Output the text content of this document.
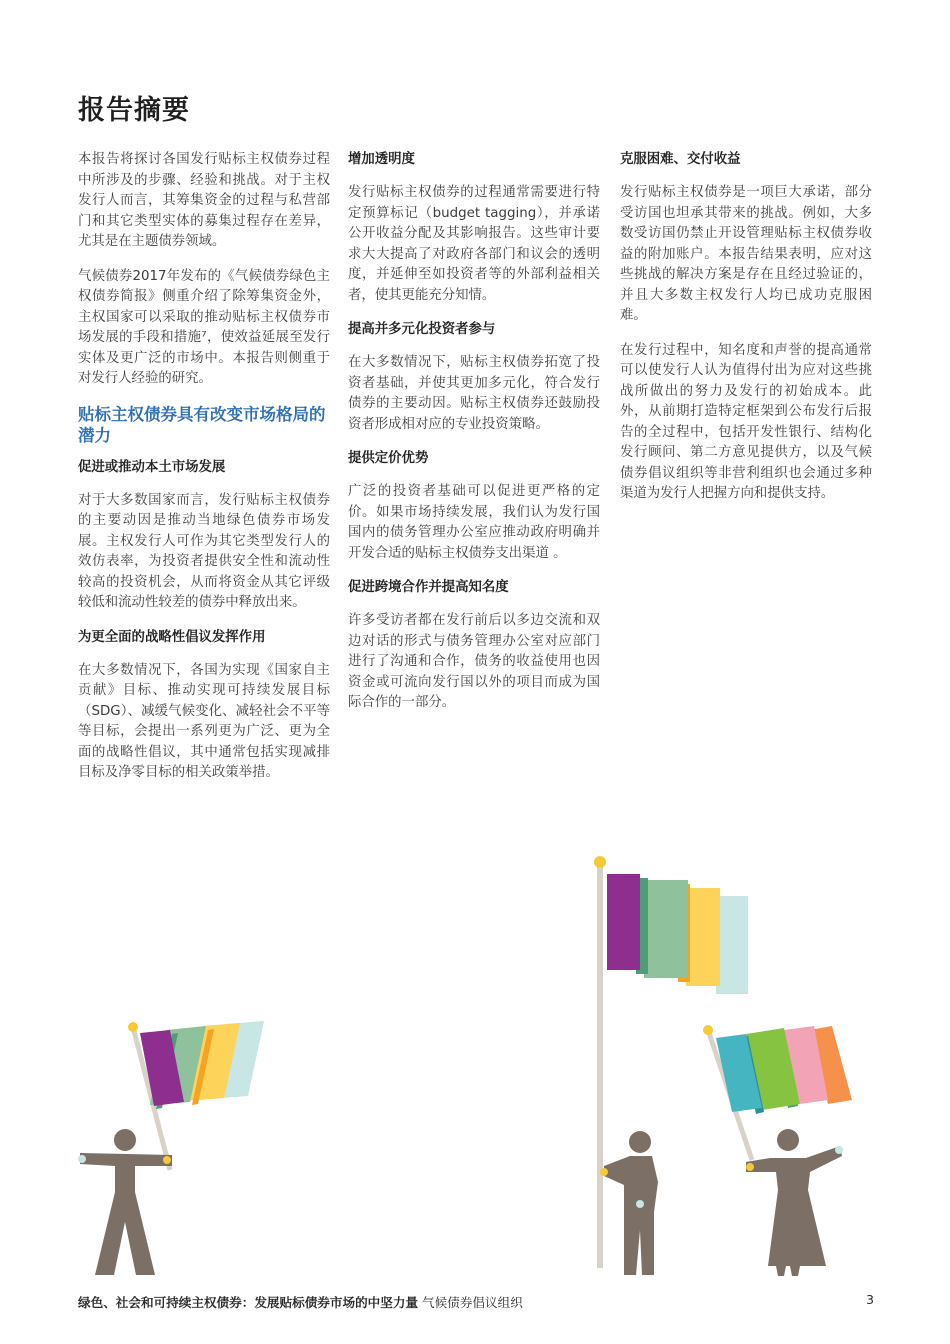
报告摘要

本报告将探讨各国发行贴标主权债券过程中所涉及的步骤、经验和挑战。对于主权发行人而言，其筹集资金的过程与私营部门和其它类型实体的募集过程存在差异，尤其是在主题债券领域。

气候债券2017年发布的《气候债券绿色主权债券简报》侧重介绍了除筹集资金外，主权国家可以采取的推动贴标主权债券市场发展的手段和措施⁷，使效益延展至发行实体及更广泛的市场中。本报告则侧重于对发行人经验的研究。

贴标主权债券具有改变市场格局的潜力
促进或推动本土市场发展

对于大多数国家而言，发行贴标主权债券的主要动因是推动当地绿色债券市场发展。主权发行人可作为其它类型发行人的效仿表率，为投资者提供安全性和流动性较高的投资机会，从而将资金从其它评级较低和流动性较差的债券中释放出来。

为更全面的战略性倡议发挥作用

在大多数情况下，各国为实现《国家自主贡献》目标、推动实现可持续发展目标（SDG）、减缓气候变化、减轻社会不平等等目标，会提出一系列更为广泛、更为全面的战略性倡议，其中通常包括实现减排目标及净零目标的相关政策举措。

增加透明度

发行贴标主权债券的过程通常需要进行特定预算标记（budget tagging），并承诺公开收益分配及其影响报告。这些审计要求大大提高了对政府各部门和议会的透明度，并延伸至如投资者等的外部利益相关者，使其更能充分知情。

提高并多元化投资者参与

在大多数情况下，贴标主权债券拓宽了投资者基础，并使其更加多元化，符合发行债券的主要动因。贴标主权债券还鼓励投资者形成相对应的专业投资策略。

提供定价优势

广泛的投资者基础可以促进更严格的定价。如果市场持续发展，我们认为发行国国内的债务管理办公室应推动政府明确并开发合适的贴标主权债券支出渠道 。

促进跨境合作并提高知名度

许多受访者都在发行前后以多边交流和双边对话的形式与债务管理办公室对应部门进行了沟通和合作，债务的收益使用也因资金或可流向发行国以外的项目而成为国际合作的一部分。

克服困难、交付收益

发行贴标主权债券是一项巨大承诺，部分受访国也坦承其带来的挑战。例如，大多数受访国仍禁止开设管理贴标主权债券收益的附加账户。本报告结果表明，应对这些挑战的解决方案是存在且经过验证的，并且大多数主权发行人均已成功克服困难。

在发行过程中，知名度和声誉的提高通常可以使发行人认为值得付出为应对这些挑战所做出的努力及发行的初始成本。此外，从前期打造特定框架到公布发行后报告的全过程中，包括开发性银行、结构化发行顾问、第二方意见提供方，以及气候债券倡议组织等非营利组织也会通过多种渠道为发行人把握方向和提供支持。

绿色、社会和可持续主权债券：发展贴标债券市场的中坚力量 气候债券倡议组织	3
